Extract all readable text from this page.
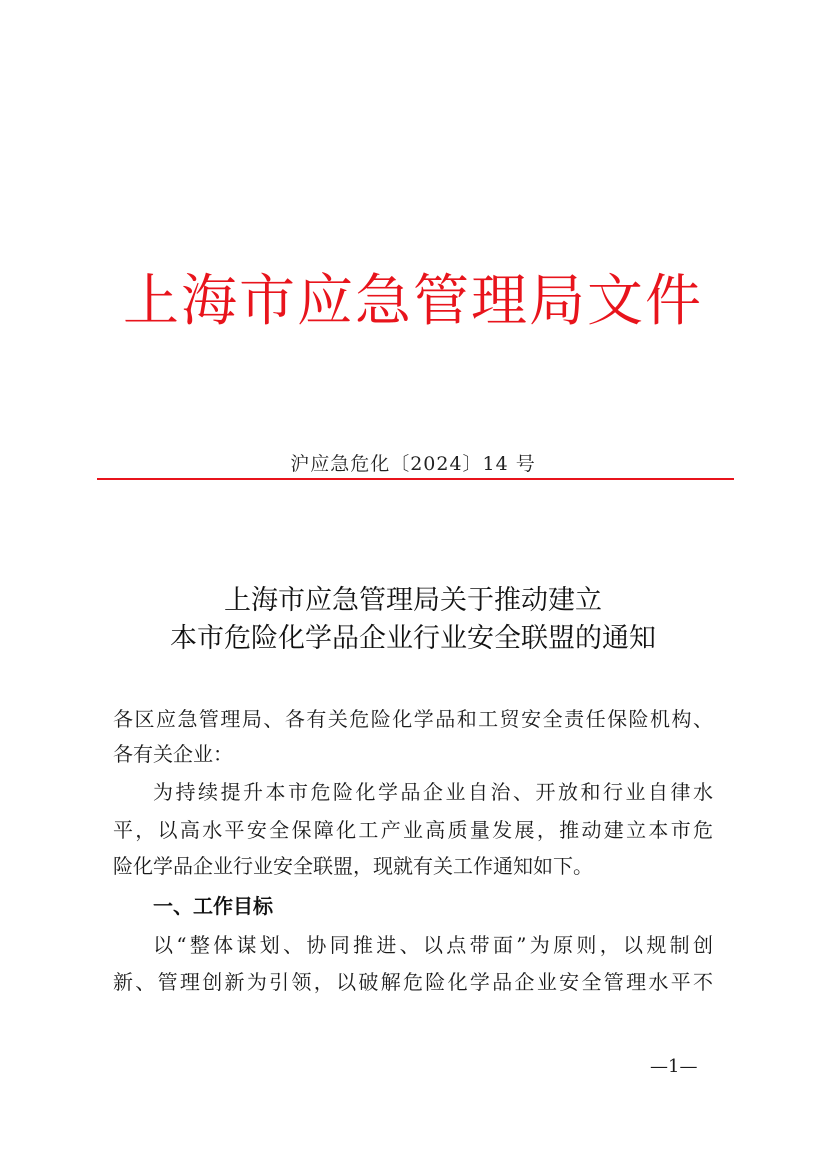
上海市应急管理局文件
沪应急危化〔2024〕14 号
上海市应急管理局关于推动建立
本市危险化学品企业行业安全联盟的通知
各区应急管理局、各有关危险化学品和工贸安全责任保险机构、
各有关企业：
为持续提升本市危险化学品企业自治、开放和行业自律水
平，以高水平安全保障化工产业高质量发展，推动建立本市危
险化学品企业行业安全联盟，现就有关工作通知如下。
一、工作目标
以“整体谋划、协同推进、以点带面”为原则，以规制创
新、管理创新为引领，以破解危险化学品企业安全管理水平不
—1—
